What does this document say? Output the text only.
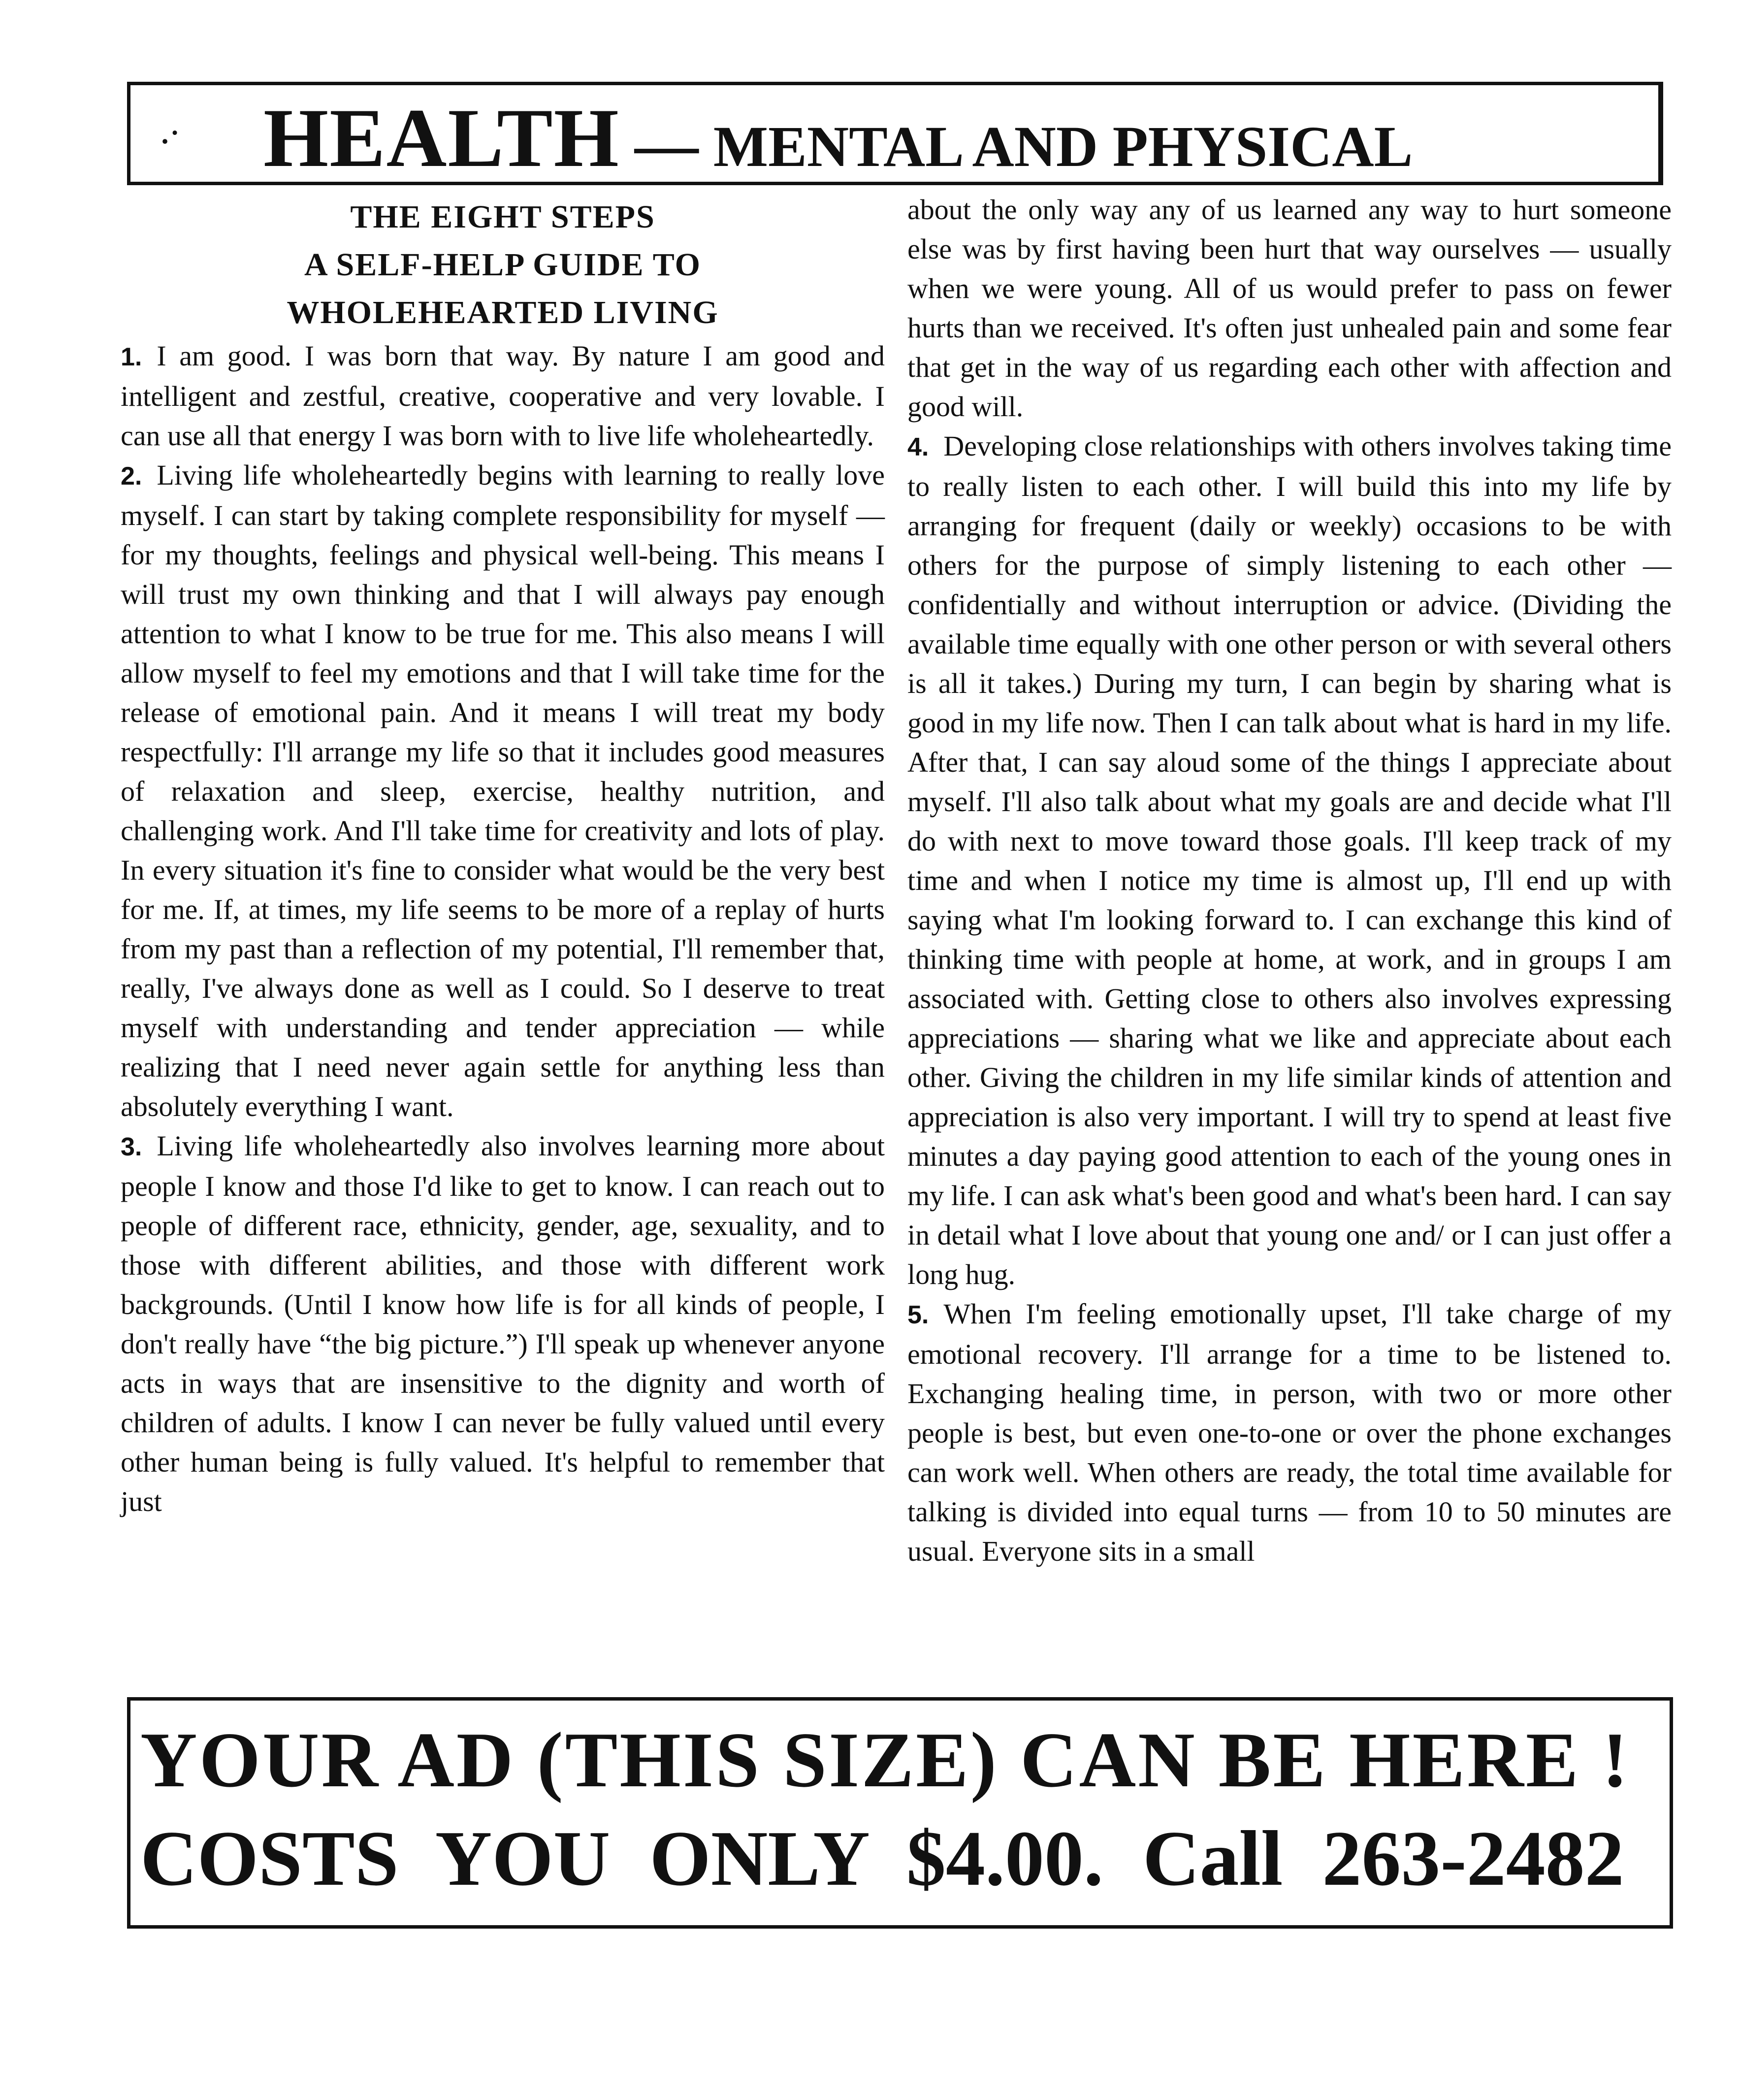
·˙ HEALTH — MENTAL AND PHYSICAL
THE EIGHT STEPS
A SELF-HELP GUIDE TO
WHOLEHEARTED LIVING

1. I am good. I was born that way. By nature I am good and intelligent and zestful, creative, cooperative and very lovable. I can use all that energy I was born with to live life wholeheartedly.

2. Living life wholeheartedly begins with learning to really love myself. I can start by taking complete responsibility for myself — for my thoughts, feelings and physical well-being. This means I will trust my own thinking and that I will always pay enough attention to what I know to be true for me. This also means I will allow myself to feel my emotions and that I will take time for the release of emotional pain. And it means I will treat my body respectfully: I'll arrange my life so that it includes good measures of relaxation and sleep, exercise, healthy nutrition, and challenging work. And I'll take time for creativity and lots of play. In every situation it's fine to consider what would be the very best for me. If, at times, my life seems to be more of a replay of hurts from my past than a reflection of my potential, I'll remember that, really, I've always done as well as I could. So I deserve to treat myself with understanding and tender appreciation — while realizing that I need never again settle for anything less than absolutely everything I want.

3. Living life wholeheartedly also involves learning more about people I know and those I'd like to get to know. I can reach out to people of different race, ethnicity, gender, age, sexuality, and to those with different abilities, and those with different work backgrounds. (Until I know how life is for all kinds of people, I don't really have “the big picture.”) I'll speak up whenever anyone acts in ways that are insensitive to the dignity and worth of children of adults. I know I can never be fully valued until every other human being is fully valued. It's helpful to remember that just

about the only way any of us learned any way to hurt someone else was by first having been hurt that way ourselves — usually when we were young. All of us would prefer to pass on fewer hurts than we received. It's often just unhealed pain and some fear that get in the way of us regarding each other with affection and good will.

4. Developing close relationships with others involves taking time to really listen to each other. I will build this into my life by arranging for frequent (daily or weekly) occasions to be with others for the purpose of simply listening to each other — confidentially and without interruption or advice. (Dividing the available time equally with one other person or with several others is all it takes.) During my turn, I can begin by sharing what is good in my life now. Then I can talk about what is hard in my life. After that, I can say aloud some of the things I appreciate about myself. I'll also talk about what my goals are and decide what I'll do with next to move toward those goals. I'll keep track of my time and when I notice my time is almost up, I'll end up with saying what I'm looking forward to. I can exchange this kind of thinking time with people at home, at work, and in groups I am associated with. Getting close to others also involves expressing appreciations — sharing what we like and appreciate about each other. Giving the children in my life similar kinds of attention and appreciation is also very important. I will try to spend at least five minutes a day paying good attention to each of the young ones in my life. I can ask what's been good and what's been hard. I can say in detail what I love about that young one and/ or I can just offer a long hug.

5. When I'm feeling emotionally upset, I'll take charge of my emotional recovery. I'll arrange for a time to be listened to. Exchanging healing time, in person, with two or more other people is best, but even one-to-one or over the phone exchanges can work well. When others are ready, the total time available for talking is divided into equal turns — from 10 to 50 minutes are usual. Everyone sits in a small

YOUR AD (THIS SIZE) CAN BE HERE !
COSTS YOU ONLY $4.00. Call 263-2482
